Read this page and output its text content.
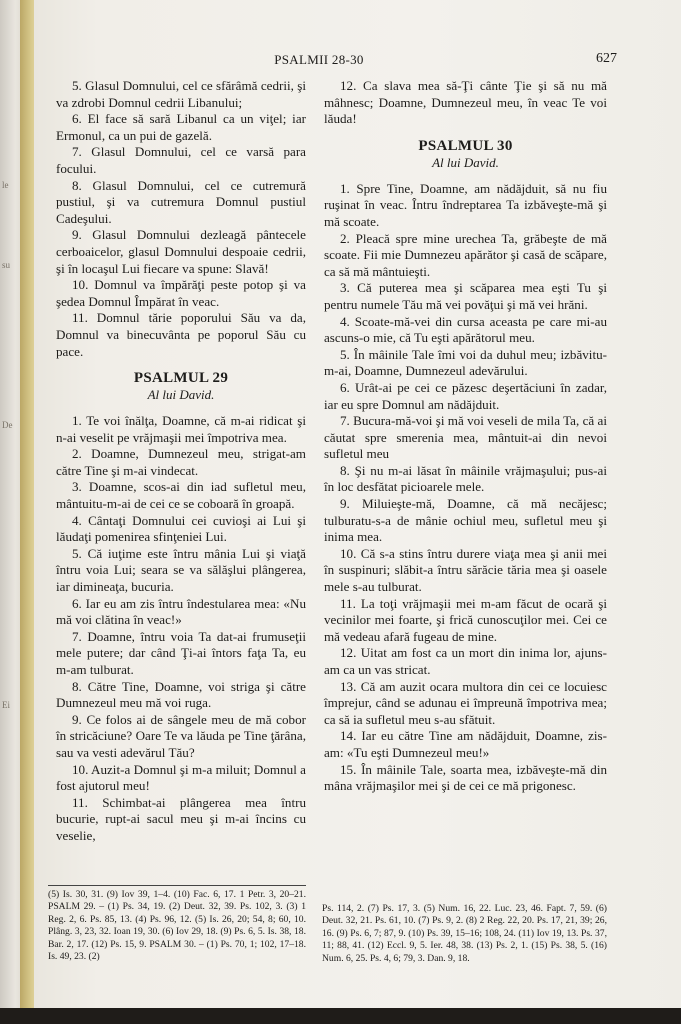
le
su
De
Ei
PSALMII 28-30	627

5. Glasul Domnului, cel ce sfărâmă cedrii, şi va zdrobi Domnul cedrii Libanului;

6. El face să sară Libanul ca un viţel; iar Ermonul, ca un pui de gazelă.

7. Glasul Domnului, cel ce varsă para focului.

8. Glasul Domnului, cel ce cutremură pustiul, şi va cutremura Domnul pustiul Cadeşului.

9. Glasul Domnului dezleagă pântecele cerboaicelor, glasul Domnului despoaie cedrii, şi în locaşul Lui fiecare va spune: Slavă!

10. Domnul va împărăţi peste potop şi va şedea Domnul Împărat în veac.

11. Domnul tărie poporului Său va da, Domnul va binecuvânta pe poporul Său cu pace.

PSALMUL 29
Al lui David.

1. Te voi înălţa, Doamne, că m-ai ridicat şi n-ai veselit pe vrăjmaşii mei împotriva mea.

2. Doamne, Dumnezeul meu, strigat-am către Tine şi m-ai vindecat.

3. Doamne, scos-ai din iad sufletul meu, mântuitu-m-ai de cei ce se coboară în groapă.

4. Cântaţi Domnului cei cuvioşi ai Lui şi lăudaţi pomenirea sfinţeniei Lui.

5. Că iuţime este întru mânia Lui şi viaţă întru voia Lui; seara se va sălăşlui plângerea, iar dimineaţa, bucuria.

6. Iar eu am zis întru îndestularea mea: «Nu mă voi clătina în veac!»

7. Doamne, întru voia Ta dat-ai frumuseţii mele putere; dar când Ţi-ai întors faţa Ta, eu m-am tulburat.

8. Către Tine, Doamne, voi striga şi către Dumnezeul meu mă voi ruga.

9. Ce folos ai de sângele meu de mă cobor în stricăciune? Oare Te va lăuda pe Tine ţărâna, sau va vesti adevărul Tău?

10. Auzit-a Domnul şi m-a miluit; Domnul a fost ajutorul meu!

11. Schimbat-ai plângerea mea întru bucurie, rupt-ai sacul meu şi m-ai încins cu veselie,

12. Ca slava mea să-Ţi cânte Ţie şi să nu mă mâhnesc; Doamne, Dumnezeul meu, în veac Te voi lăuda!

PSALMUL 30
Al lui David.

1. Spre Tine, Doamne, am nădăjduit, să nu fiu ruşinat în veac. Întru îndreptarea Ta izbăveşte-mă şi mă scoate.

2. Pleacă spre mine urechea Ta, grăbeşte de mă scoate. Fii mie Dumnezeu apărător şi casă de scăpare, ca să mă mântuieşti.

3. Că puterea mea şi scăparea mea eşti Tu şi pentru numele Tău mă vei povăţui şi mă vei hrăni.

4. Scoate-mă-vei din cursa aceasta pe care mi-au ascuns-o mie, că Tu eşti apărătorul meu.

5. În mâinile Tale îmi voi da duhul meu; izbăvitu-m-ai, Doamne, Dumnezeul adevărului.

6. Urât-ai pe cei ce păzesc deşertăciuni în zadar, iar eu spre Domnul am nădăjduit.

7. Bucura-mă-voi şi mă voi veseli de mila Ta, că ai căutat spre smerenia mea, mântuit-ai din nevoi sufletul meu

8. Şi nu m-ai lăsat în mâinile vrăjmaşului; pus-ai în loc desfătat picioarele mele.

9. Miluieşte-mă, Doamne, că mă necăjesc; tulburatu-s-a de mânie ochiul meu, sufletul meu şi inima mea.

10. Că s-a stins întru durere viaţa mea şi anii mei în suspinuri; slăbit-a întru sărăcie tăria mea şi oasele mele s-au tulburat.

11. La toţi vrăjmaşii mei m-am făcut de ocară şi vecinilor mei foarte, şi frică cunoscuţilor mei. Cei ce mă vedeau afară fugeau de mine.

12. Uitat am fost ca un mort din inima lor, ajuns-am ca un vas stricat.

13. Că am auzit ocara multora din cei ce locuiesc împrejur, când se adunau ei împreună împotriva mea; ca să ia sufletul meu s-au sfătuit.

14. Iar eu către Tine am nădăjduit, Doamne, zis-am: «Tu eşti Dumnezeul meu!»

15. În mâinile Tale, soarta mea, izbăveşte-mă din mâna vrăjmaşilor mei şi de cei ce mă prigonesc.

(5) Is. 30, 31. (9) Iov 39, 1–4. (10) Fac. 6, 17. 1 Petr. 3, 20–21. PSALM 29. – (1) Ps. 34, 19. (2) Deut. 32, 39. Ps. 102, 3. (3) 1 Reg. 2, 6. Ps. 85, 13. (4) Ps. 96, 12. (5) Is. 26, 20; 54, 8; 60, 10. Plâng. 3, 23, 32. Ioan 19, 30. (6) Iov 29, 18. (9) Ps. 6, 5. Is. 38, 18. Bar. 2, 17. (12) Ps. 15, 9. PSALM 30. – (1) Ps. 70, 1; 102, 17–18. Is. 49, 23. (2)
Ps. 114, 2. (7) Ps. 17, 3. (5) Num. 16, 22. Luc. 23, 46. Fapt. 7, 59. (6) Deut. 32, 21. Ps. 61, 10. (7) Ps. 9, 2. (8) 2 Reg. 22, 20. Ps. 17, 21, 39; 26, 16. (9) Ps. 6, 7; 87, 9. (10) Ps. 39, 15–16; 108, 24. (11) Iov 19, 13. Ps. 37, 11; 88, 41. (12) Eccl. 9, 5. Ier. 48, 38. (13) Ps. 2, 1. (15) Ps. 38, 5. (16) Num. 6, 25. Ps. 4, 6; 79, 3. Dan. 9, 18.
